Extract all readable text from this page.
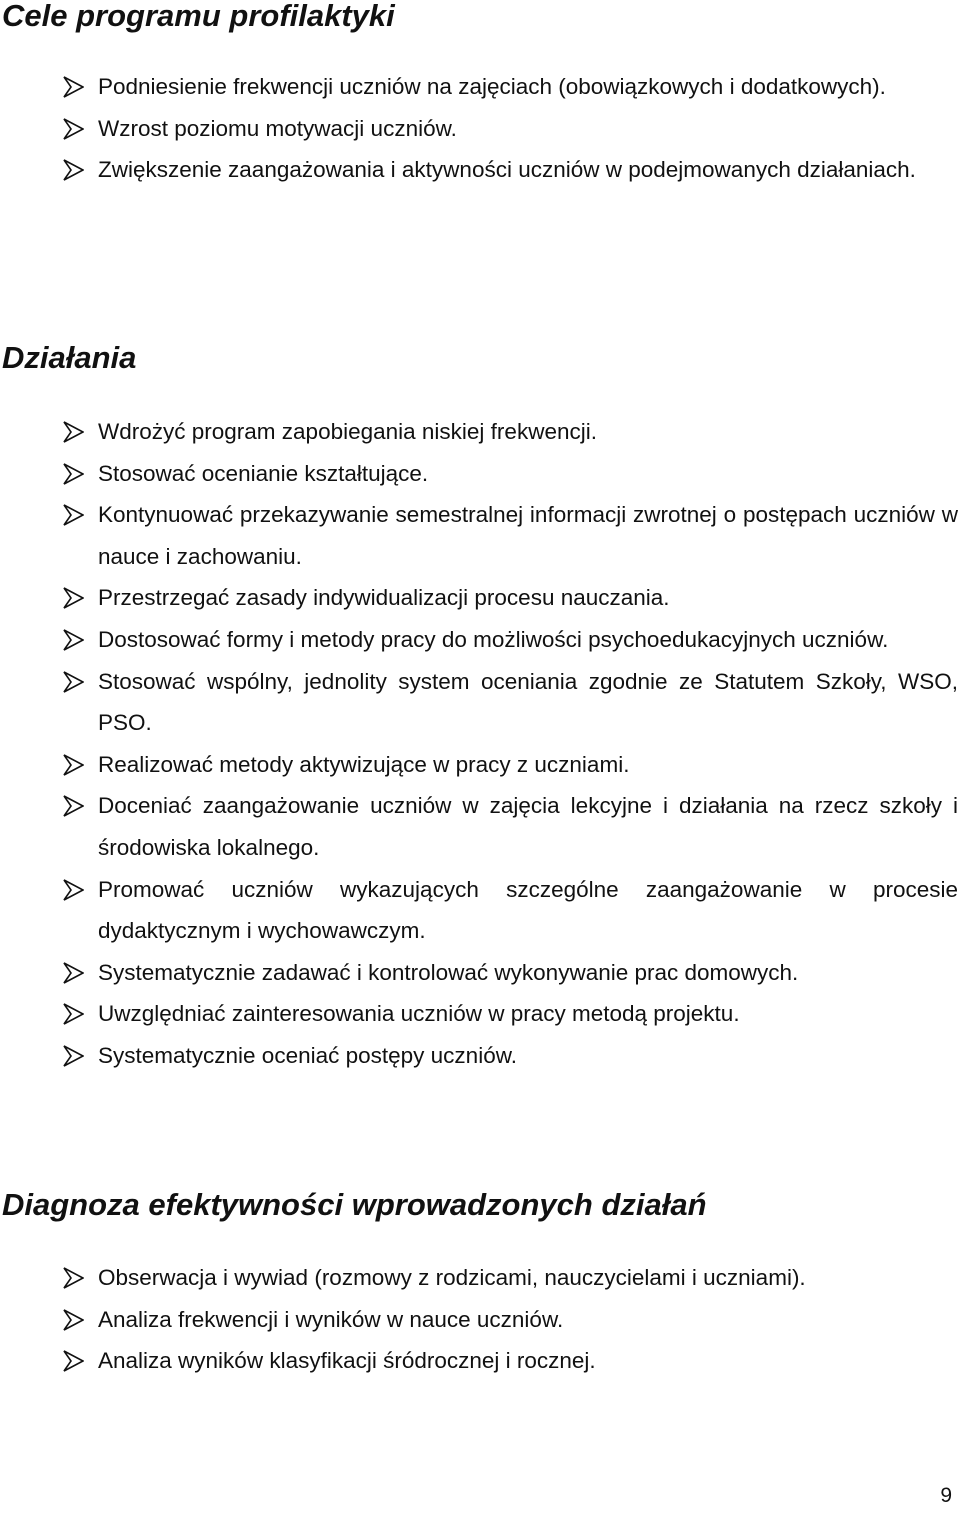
Cele programu profilaktyki
Podniesienie frekwencji uczniów na zajęciach (obowiązkowych i dodatkowych).
Wzrost poziomu motywacji uczniów.
Zwiększenie zaangażowania i aktywności uczniów w podejmowanych działaniach.
Działania
Wdrożyć program zapobiegania niskiej frekwencji.
Stosować ocenianie kształtujące.
Kontynuować przekazywanie semestralnej informacji zwrotnej o postępach uczniów w nauce i zachowaniu.
Przestrzegać zasady indywidualizacji procesu nauczania.
Dostosować formy i metody pracy do możliwości psychoedukacyjnych uczniów.
Stosować wspólny, jednolity system oceniania zgodnie ze Statutem Szkoły, WSO, PSO.
Realizować metody aktywizujące w pracy z uczniami.
Doceniać zaangażowanie uczniów w zajęcia lekcyjne i działania na rzecz szkoły i środowiska lokalnego.
Promować uczniów wykazujących szczególne zaangażowanie w procesie dydaktycznym i wychowawczym.
Systematycznie zadawać i kontrolować wykonywanie prac domowych.
Uwzględniać zainteresowania uczniów w pracy metodą projektu.
Systematycznie oceniać postępy uczniów.
Diagnoza efektywności wprowadzonych działań
Obserwacja i wywiad (rozmowy z rodzicami, nauczycielami i uczniami).
Analiza frekwencji i wyników w nauce uczniów.
Analiza wyników klasyfikacji śródrocznej i rocznej.
9
